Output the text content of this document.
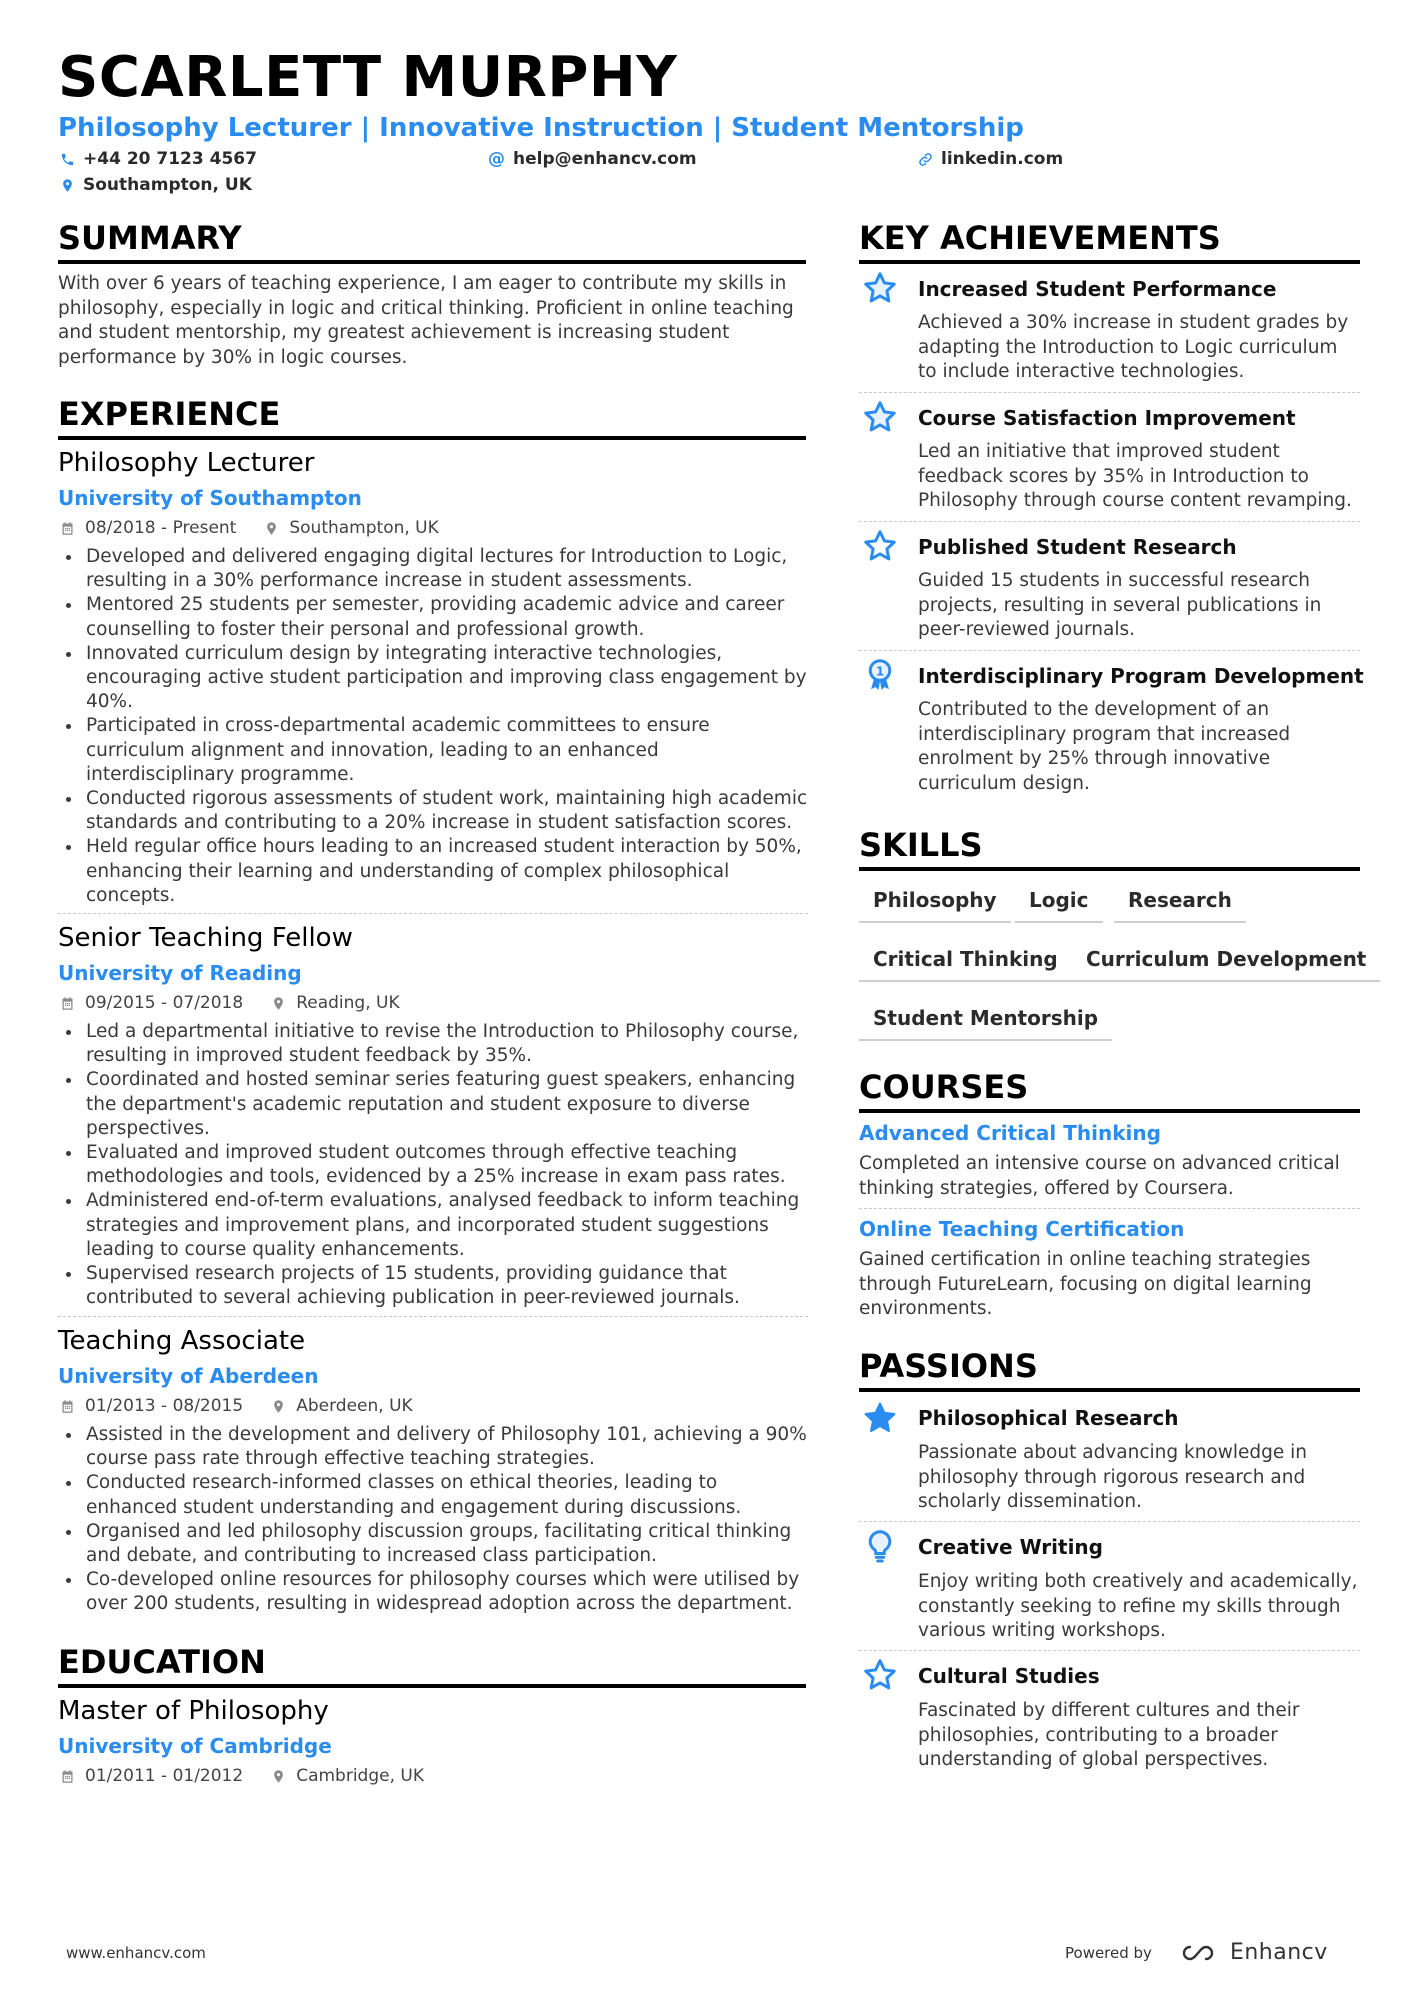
SCARLETT MURPHY
Philosophy Lecturer | Innovative Instruction | Student Mentorship
+44 20 7123 4567	@ help@enhancv.com	linkedin.com
Southampton, UK
SUMMARY
With over 6 years of teaching experience, I am eager to contribute my skills in philosophy, especially in logic and critical thinking. Proficient in online teaching and student mentorship, my greatest achievement is increasing student performance by 30% in logic courses.
EXPERIENCE
Philosophy Lecturer
University of Southampton
08/2018 - Present	Southampton, UK
Developed and delivered engaging digital lectures for Introduction to Logic, resulting in a 30% performance increase in student assessments.
Mentored 25 students per semester, providing academic advice and career counselling to foster their personal and professional growth.
Innovated curriculum design by integrating interactive technologies, encouraging active student participation and improving class engagement by 40%.
Participated in cross-departmental academic committees to ensure curriculum alignment and innovation, leading to an enhanced interdisciplinary programme.
Conducted rigorous assessments of student work, maintaining high academic standards and contributing to a 20% increase in student satisfaction scores.
Held regular office hours leading to an increased student interaction by 50%, enhancing their learning and understanding of complex philosophical concepts.
Senior Teaching Fellow
University of Reading
09/2015 - 07/2018	Reading, UK
Led a departmental initiative to revise the Introduction to Philosophy course, resulting in improved student feedback by 35%.
Coordinated and hosted seminar series featuring guest speakers, enhancing the department's academic reputation and student exposure to diverse perspectives.
Evaluated and improved student outcomes through effective teaching methodologies and tools, evidenced by a 25% increase in exam pass rates.
Administered end-of-term evaluations, analysed feedback to inform teaching strategies and improvement plans, and incorporated student suggestions leading to course quality enhancements.
Supervised research projects of 15 students, providing guidance that contributed to several achieving publication in peer-reviewed journals.
Teaching Associate
University of Aberdeen
01/2013 - 08/2015	Aberdeen, UK
Assisted in the development and delivery of Philosophy 101, achieving a 90% course pass rate through effective teaching strategies.
Conducted research-informed classes on ethical theories, leading to enhanced student understanding and engagement during discussions.
Organised and led philosophy discussion groups, facilitating critical thinking and debate, and contributing to increased class participation.
Co-developed online resources for philosophy courses which were utilised by over 200 students, resulting in widespread adoption across the department.
EDUCATION
Master of Philosophy
University of Cambridge
01/2011 - 01/2012	Cambridge, UK
KEY ACHIEVEMENTS
Increased Student Performance
Achieved a 30% increase in student grades by adapting the Introduction to Logic curriculum to include interactive technologies.
Course Satisfaction Improvement
Led an initiative that improved student feedback scores by 35% in Introduction to Philosophy through course content revamping.
Published Student Research
Guided 15 students in successful research projects, resulting in several publications in peer-reviewed journals.
1 Interdisciplinary Program Development
Contributed to the development of an interdisciplinary program that increased enrolment by 25% through innovative curriculum design.
SKILLS
Philosophy	Logic	Research
Critical Thinking	Curriculum Development
Student Mentorship
COURSES
Advanced Critical Thinking
Completed an intensive course on advanced critical thinking strategies, offered by Coursera.
Online Teaching Certification
Gained certification in online teaching strategies through FutureLearn, focusing on digital learning environments.
PASSIONS
Philosophical Research
Passionate about advancing knowledge in philosophy through rigorous research and scholarly dissemination.
Creative Writing
Enjoy writing both creatively and academically, constantly seeking to refine my skills through various writing workshops.
Cultural Studies
Fascinated by different cultures and their philosophies, contributing to a broader understanding of global perspectives.
www.enhancv.com	Powered by	Enhancv
